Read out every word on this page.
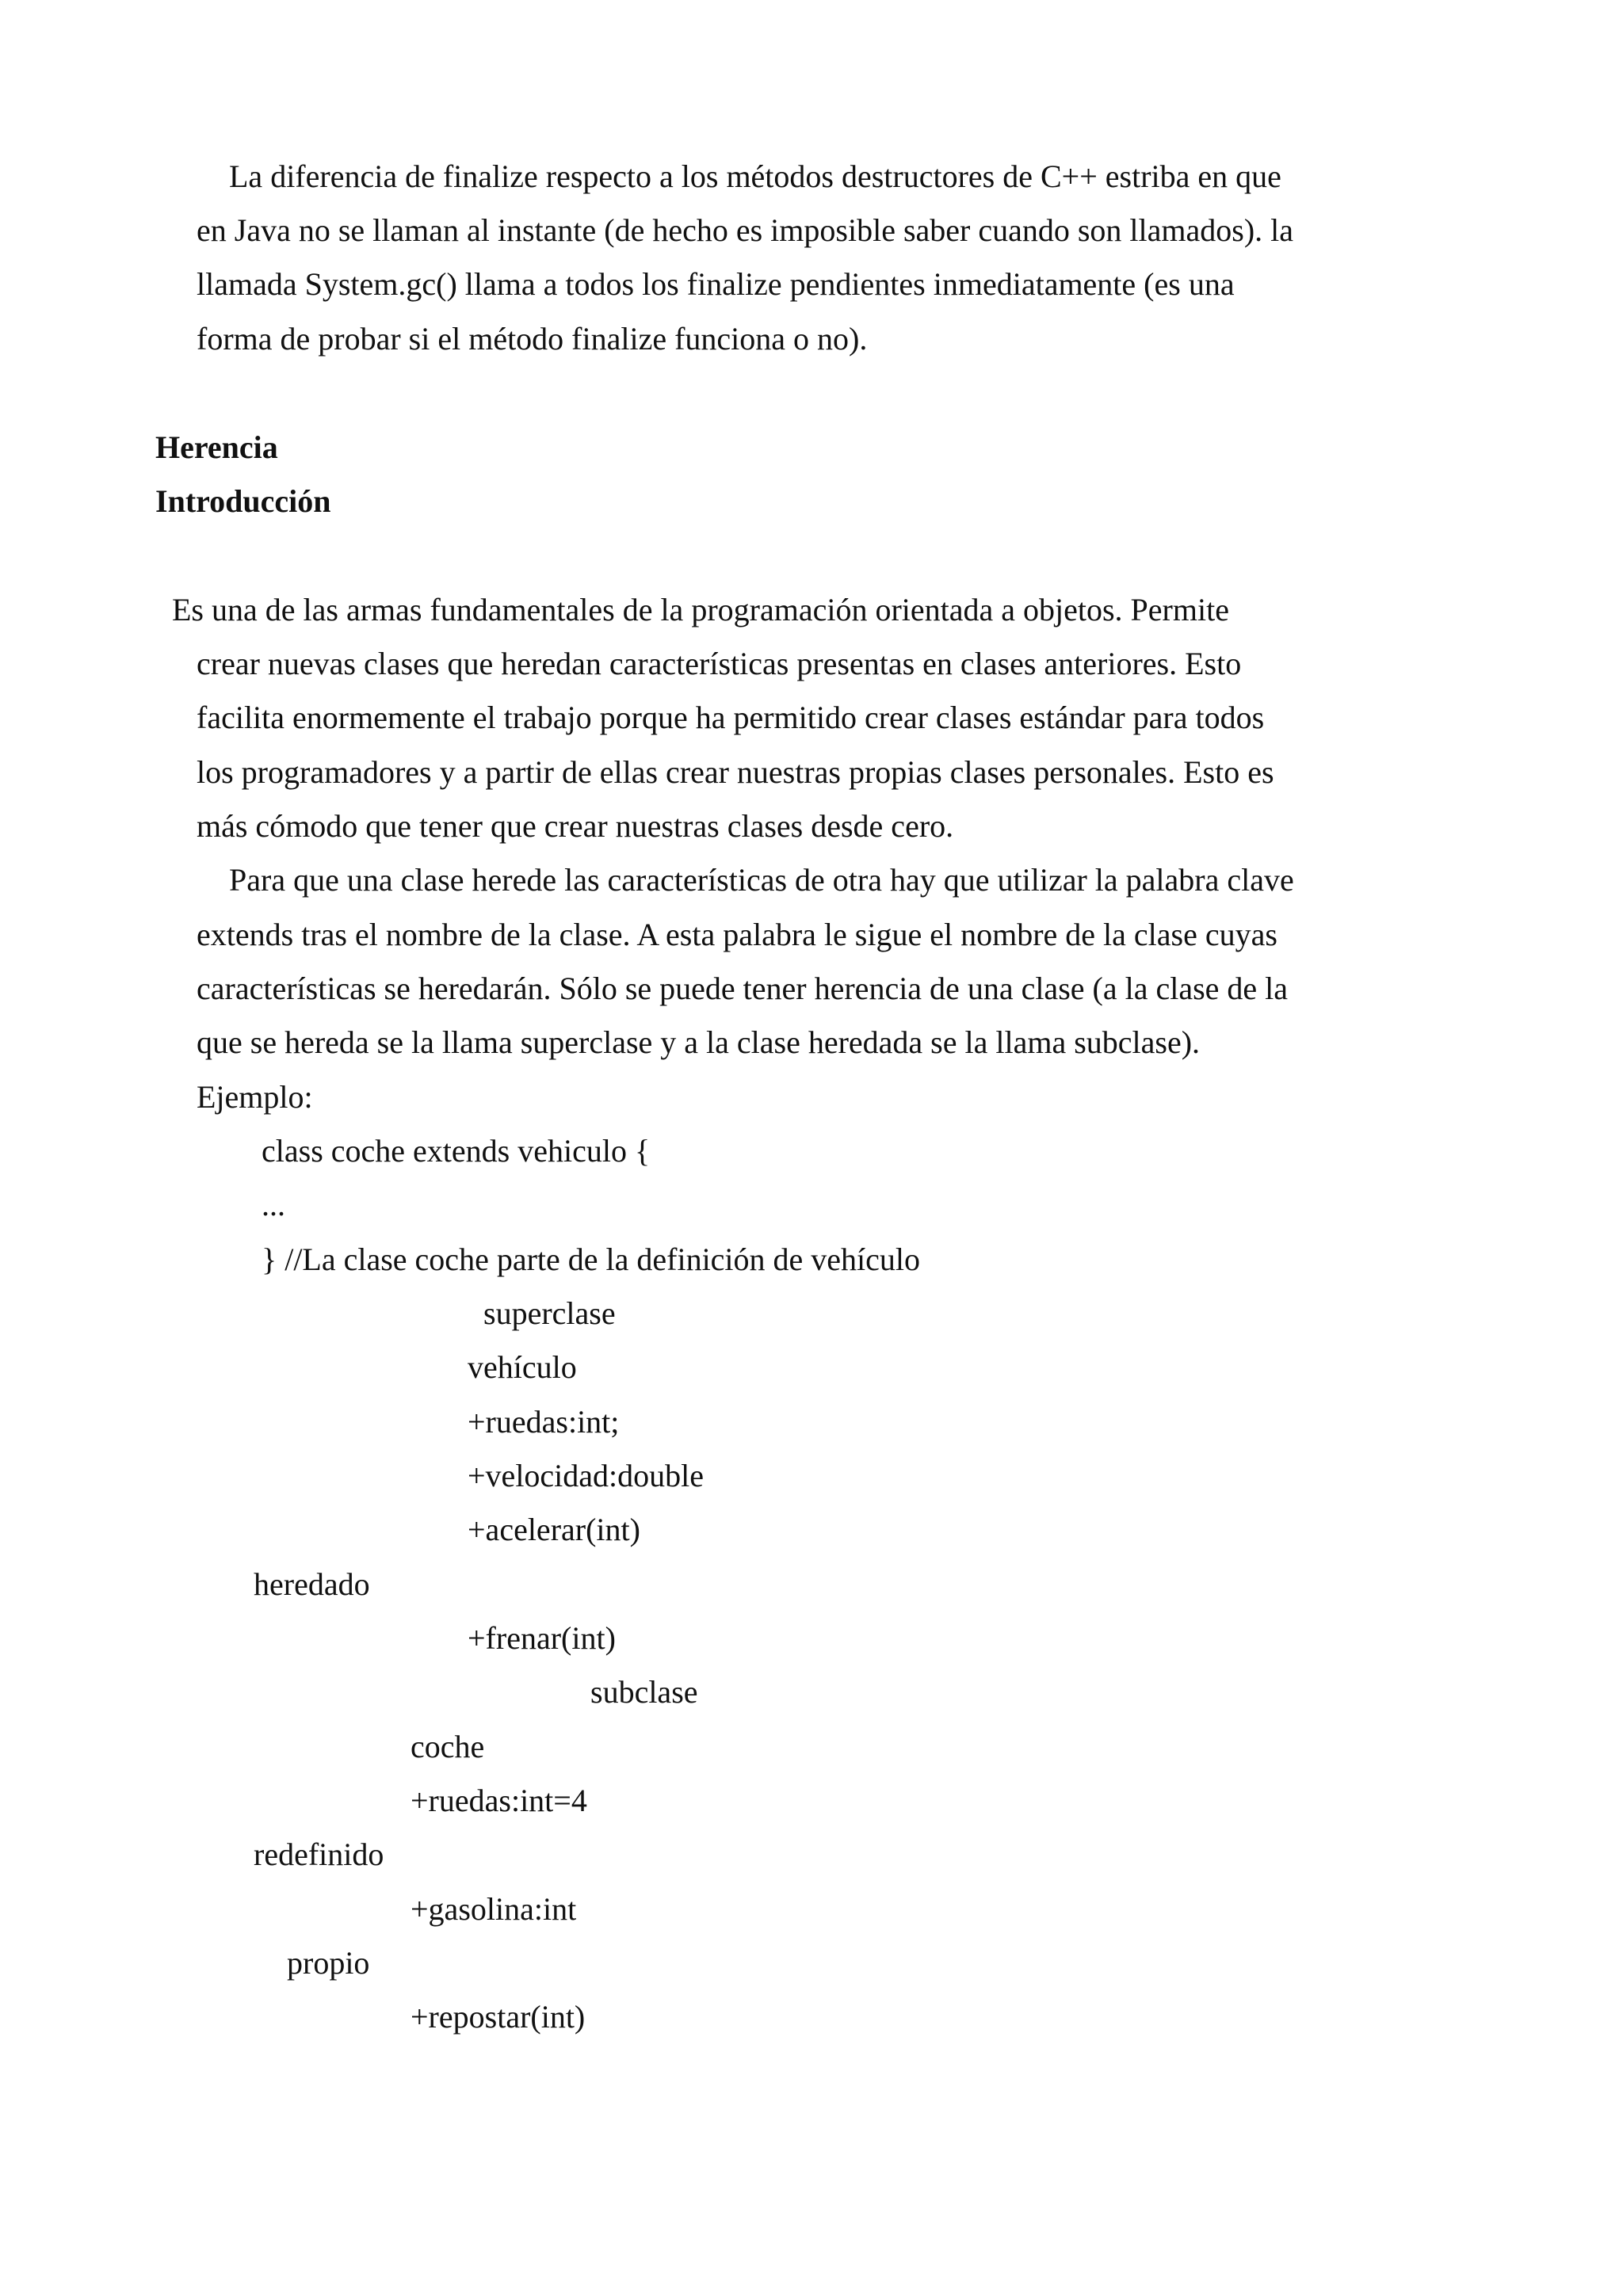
La diferencia de finalize respecto a los métodos destructores de C++ estriba en que
en Java no se llaman al instante (de hecho es imposible saber cuando son llamados). la
llamada System.gc() llama a todos los finalize pendientes inmediatamente (es una
forma de probar si el método finalize funciona o no).
Herencia
Introducción
Es una de las armas fundamentales de la programación orientada a objetos. Permite
crear nuevas clases que heredan características presentas en clases anteriores. Esto
facilita enormemente el trabajo porque ha permitido crear clases estándar para todos
los programadores y a partir de ellas crear nuestras propias clases personales. Esto es
más cómodo que tener que crear nuestras clases desde cero.
Para que una clase herede las características de otra hay que utilizar la palabra clave
extends tras el nombre de la clase. A esta palabra le sigue el nombre de la clase cuyas
características se heredarán. Sólo se puede tener herencia de una clase (a la clase de la
que se hereda se la llama superclase y a la clase heredada se la llama subclase).
Ejemplo:
class coche extends vehiculo {
...
} //La clase coche parte de la definición de vehículo
superclase
vehículo
+ruedas:int;
+velocidad:double
+acelerar(int)
heredado
+frenar(int)
subclase
coche
+ruedas:int=4
redefinido
+gasolina:int
propio
+repostar(int)
